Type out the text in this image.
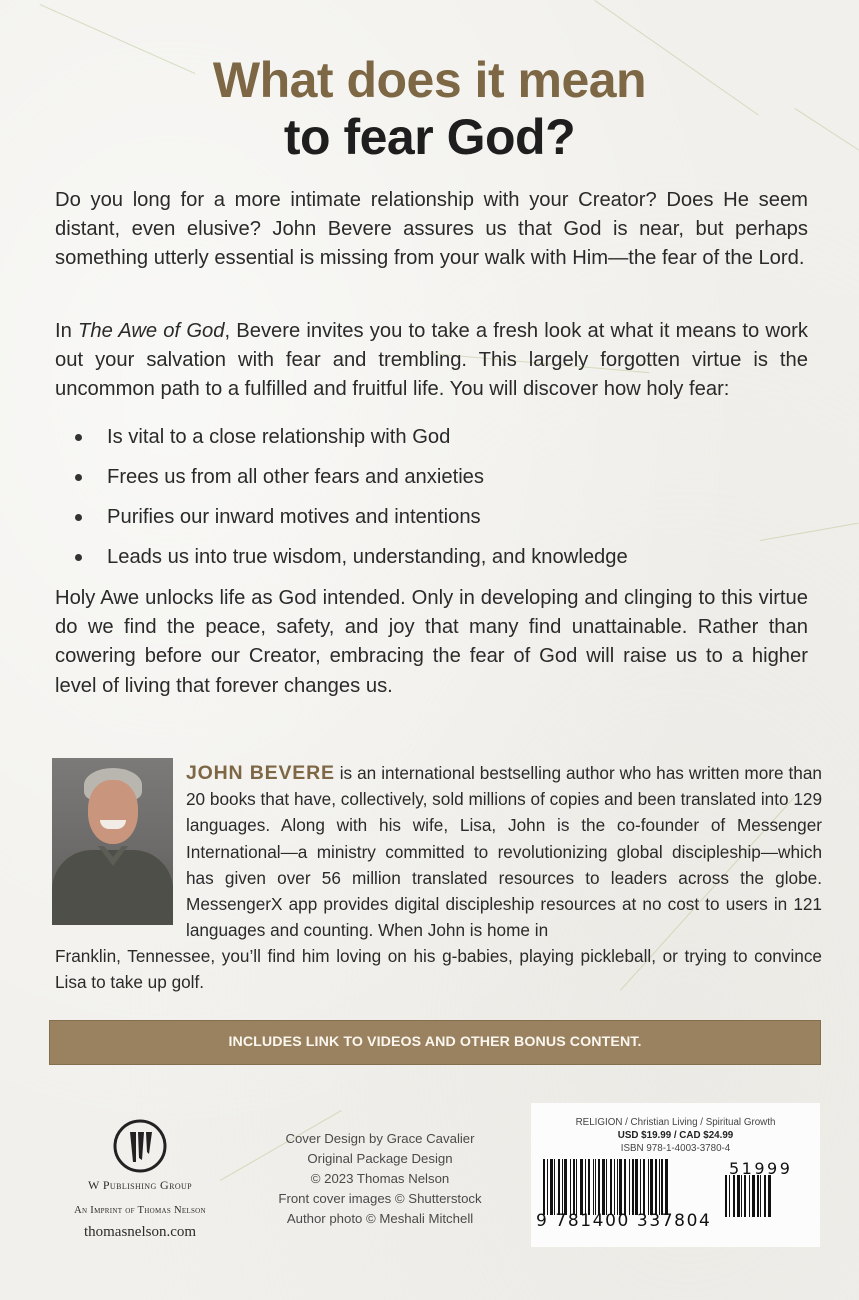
What does it mean
to fear God?

Do you long for a more intimate relationship with your Creator? Does He seem distant, even elusive? John Bevere assures us that God is near, but perhaps something utterly essential is missing from your walk with Him—the fear of the Lord.

In The Awe of God, Bevere invites you to take a fresh look at what it means to work out your salvation with fear and trembling. This largely forgotten virtue is the uncommon path to a fulfilled and fruitful life. You will discover how holy fear:

Is vital to a close relationship with God
Frees us from all other fears and anxieties
Purifies our inward motives and intentions
Leads us into true wisdom, understanding, and knowledge

Holy Awe unlocks life as God intended. Only in developing and clinging to this virtue do we find the peace, safety, and joy that many find unattainable. Rather than cowering before our Creator, embracing the fear of God will raise us to a higher level of living that forever changes us.

JOHN BEVERE is an international bestselling author who has written more than 20 books that have, collectively, sold millions of copies and been translated into 129 languages. Along with his wife, Lisa, John is the co-founder of Messenger International—a ministry committed to revolutionizing global discipleship—which has given over 56 million translated resources to leaders across the globe. MessengerX app provides digital discipleship resources at no cost to users in 121 languages and counting. When John is home in

Franklin, Tennessee, you’ll find him loving on his g-babies, playing pickleball, or trying to convince Lisa to take up golf.

INCLUDES LINK TO VIDEOS AND OTHER BONUS CONTENT.
W Publishing Group
An Imprint of Thomas Nelson
thomasnelson.com
Cover Design by Grace Cavalier
Original Package Design
© 2023 Thomas Nelson
Front cover images © Shutterstock
Author photo © Meshali Mitchell
RELIGION / Christian Living / Spiritual Growth
USD $19.99 / CAD $24.99
ISBN 978-1-4003-3780-4
51999
9 781400 337804
